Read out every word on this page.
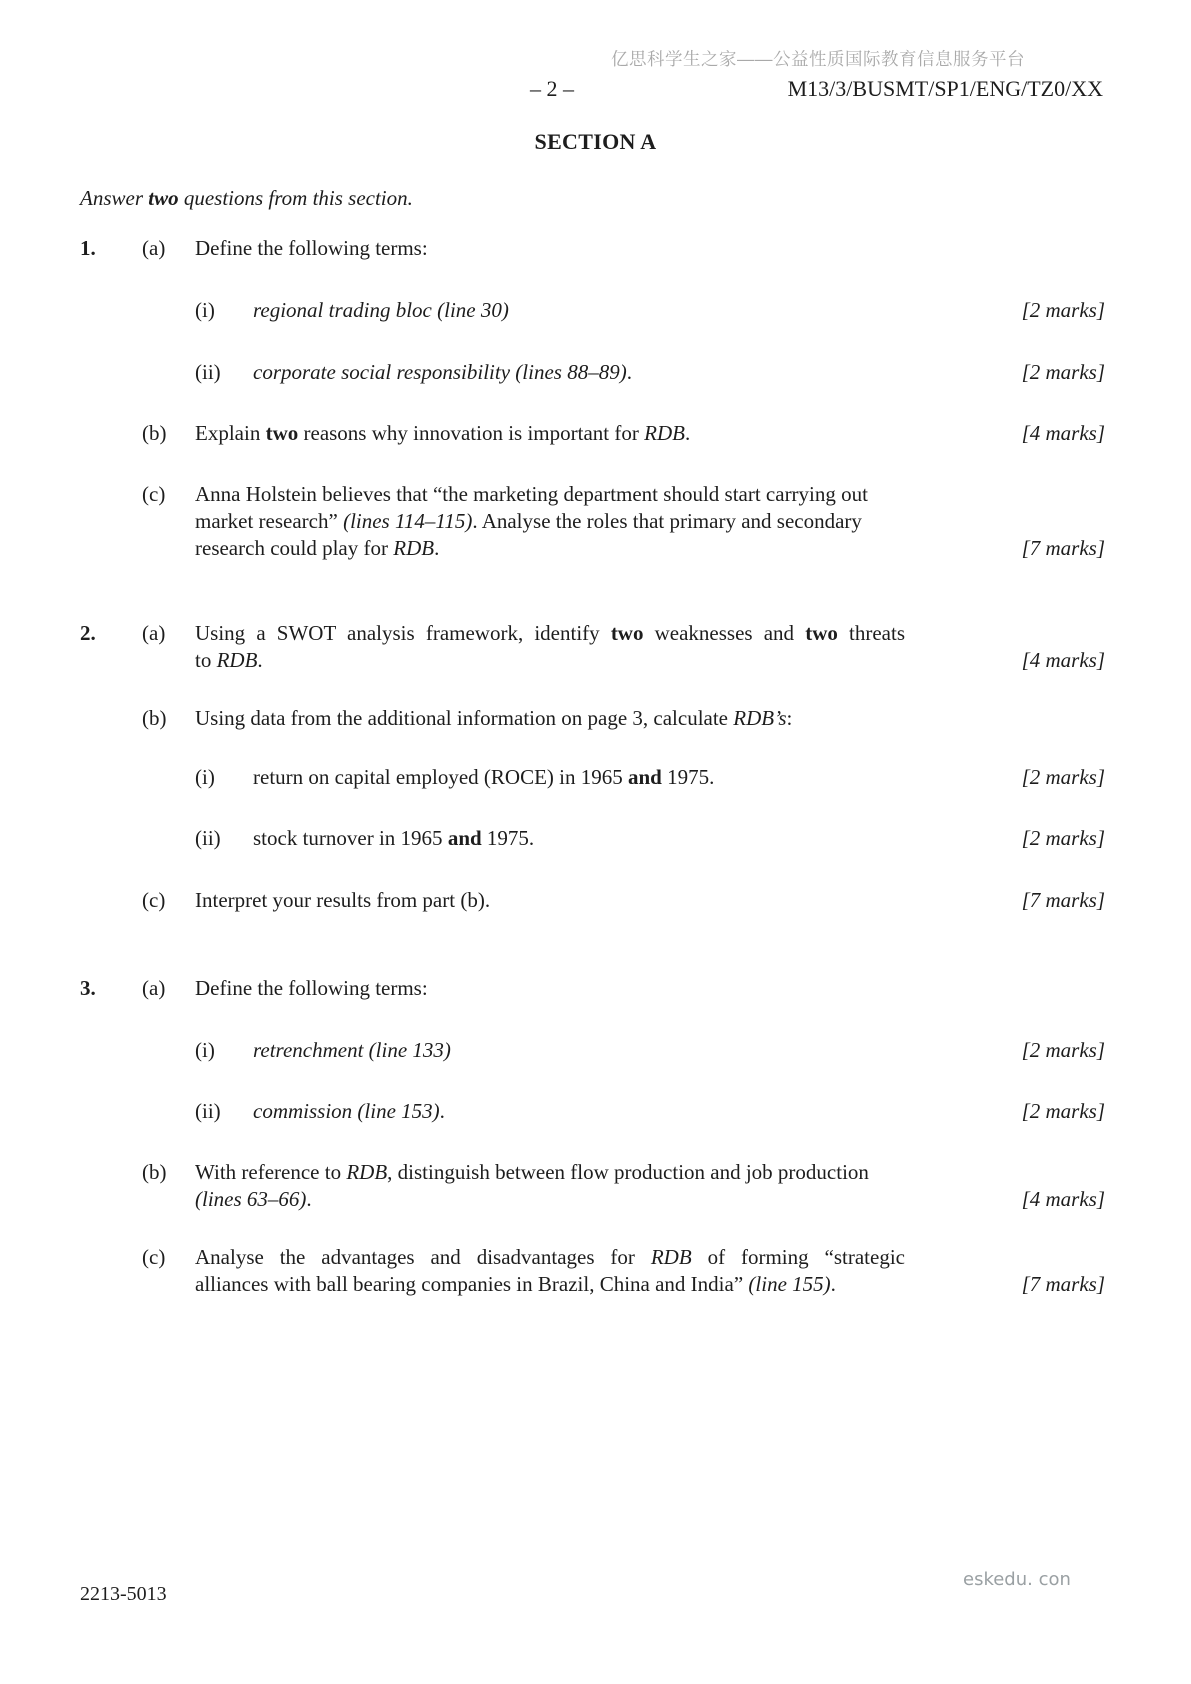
亿思科学生之家——公益性质国际教育信息服务平台
– 2 –	M13/3/BUSMT/SP1/ENG/TZ0/XX
SECTION A
Answer two questions from this section.
1.	(a)	Define the following terms:
(i)	regional trading bloc (line 30)	[2 marks]
(ii)	corporate social responsibility (lines 88–89).	[2 marks]
(b)	Explain two reasons why innovation is important for RDB.	[4 marks]
(c)	Anna Holstein believes that “the marketing department should start carrying out
market research” (lines 114–115). Analyse the roles that primary and secondary
research could play for RDB.	[7 marks]
2.	(a)	Using a SWOT analysis framework, identify two weaknesses and two threats
to RDB.	[4 marks]
(b)	Using data from the additional information on page 3, calculate RDB’s:
(i)	return on capital employed (ROCE) in 1965 and 1975.	[2 marks]
(ii)	stock turnover in 1965 and 1975.	[2 marks]
(c)	Interpret your results from part (b).	[7 marks]
3.	(a)	Define the following terms:
(i)	retrenchment (line 133)	[2 marks]
(ii)	commission (line 153).	[2 marks]
(b)	With reference to RDB, distinguish between flow production and job production
(lines 63–66).	[4 marks]
(c)	Analyse the advantages and disadvantages for RDB of forming “strategic
alliances with ball bearing companies in Brazil, China and India” (line 155).	[7 marks]
2213-5013
eskedu. con
